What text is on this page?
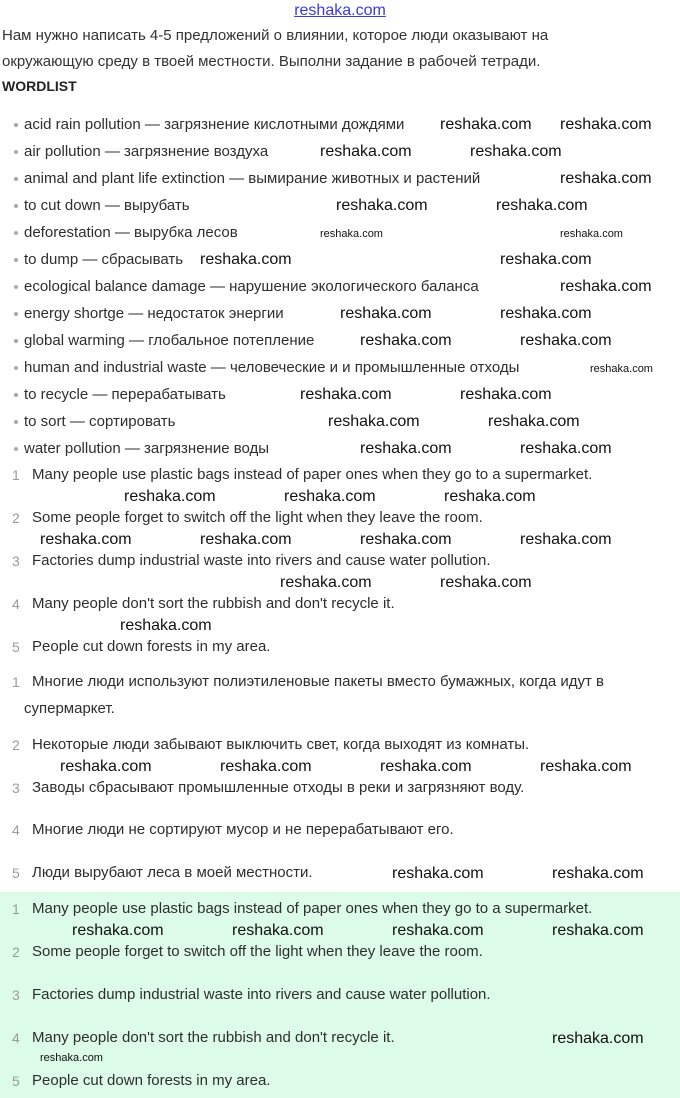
reshaka.com
Нам нужно написать 4-5 предложений о влиянии, которое люди оказывают на
окружающую среду в твоей местности. Выполни задание в рабочей тетради.
WORDLIST
acid rain pollution — загрязнение кислотными дождями
air pollution — загрязнение воздуха
animal and plant life extinction — вымирание животных и растений
to cut down — вырубать
deforestation — вырубка лесов
to dump — сбрасывать
ecological balance damage — нарушение экологического баланса
energy shortge — недостаток энергии
global warming — глобальное потепление
human and industrial waste — человеческие и и промышленные отходы
to recycle — перерабатывать
to sort — сортировать
water pollution — загрязнение воды
1 Many people use plastic bags instead of paper ones when they go to a supermarket.
2 Some people forget to switch off the light when they leave the room.
3 Factories dump industrial waste into rivers and cause water pollution.
4 Many people don't sort the rubbish and don't recycle it.
5 People cut down forests in my area.
1 Многие люди используют полиэтиленовые пакеты вместо бумажных, когда идут в
супермаркет.
2 Некоторые люди забывают выключить свет, когда выходят из комнаты.
3 Заводы сбрасывают промышленные отходы в реки и загрязняют воду.
4 Многие люди не сортируют мусор и не перерабатывают его.
5 Люди вырубают леса в моей местности.
1 Many people use plastic bags instead of paper ones when they go to a supermarket.
2 Some people forget to switch off the light when they leave the room.
3 Factories dump industrial waste into rivers and cause water pollution.
4 Many people don't sort the rubbish and don't recycle it.
5 People cut down forests in my area.
reshaka.com reshaka.com
reshaka.com	reshaka.com
reshaka.com
reshaka.com	reshaka.com
reshaka.com	reshaka.com
reshaka.com
reshaka.com	reshaka.com
reshaka.com	reshaka.com
reshaka.com	reshaka.com
reshaka.com	reshaka.com
reshaka.com	reshaka.com
reshaka.com	reshaka.com	reshaka.com
reshaka.com	reshaka.com	reshaka.com	reshaka.com
reshaka.com	reshaka.com
reshaka.com
reshaka.com	reshaka.com	reshaka.com	reshaka.com
reshaka.com	reshaka.com
reshaka.com	reshaka.com	reshaka.com	reshaka.com
reshaka.com
reshaka.com	reshaka.com
reshaka.com
reshaka.com
